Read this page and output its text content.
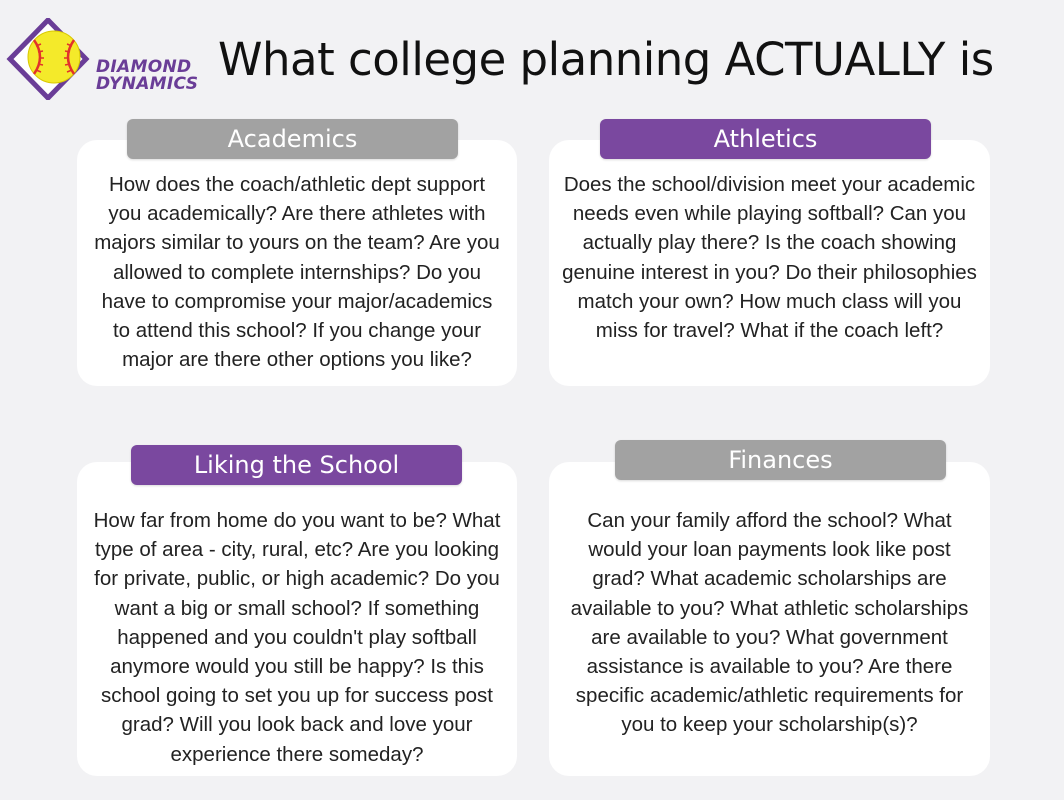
DIAMOND
DYNAMICS What college planning ACTUALLY is
How does the coach/athletic dept support you academically? Are there athletes with majors similar to yours on the team? Are you allowed to complete internships? Do you have to compromise your major/academics to attend this school? If you change your major are there other options you like?
Academics
Does the school/division meet your academic needs even while playing softball? Can you actually play there? Is the coach showing genuine interest in you? Do their philosophies match your own? How much class will you miss for travel? What if the coach left?
Athletics
How far from home do you want to be? What type of area - city, rural, etc? Are you looking for private, public, or high academic? Do you want a big or small school? If something happened and you couldn't play softball anymore would you still be happy? Is this school going to set you up for success post grad? Will you look back and love your experience there someday?
Liking the School
Can your family afford the school? What would your loan payments look like post grad? What academic scholarships are available to you? What athletic scholarships are available to you? What government assistance is available to you? Are there specific academic/athletic requirements for you to keep your scholarship(s)?
Finances
